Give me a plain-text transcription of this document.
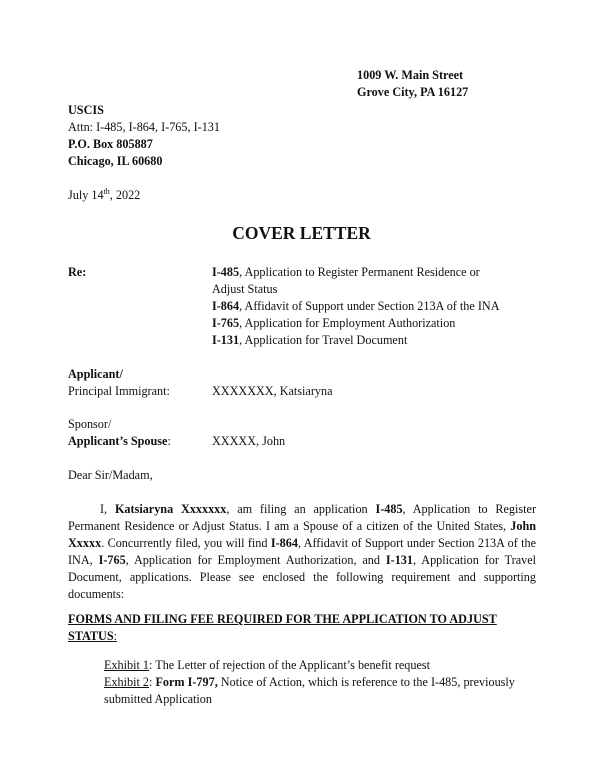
1009 W. Main Street
Grove City, PA 16127
USCIS
Attn: I-485, I-864, I-765, I-131
P.O. Box 805887
Chicago, IL 60680
July 14th, 2022
COVER LETTER
Re:	I-485, Application to Register Permanent Residence or Adjust Status
I-864, Affidavit of Support under Section 213A of the INA
I-765, Application for Employment Authorization
I-131, Application for Travel Document
Applicant/
Principal Immigrant:	XXXXXXX, Katsiaryna
Sponsor/
Applicant’s Spouse:	XXXXX, John
Dear Sir/Madam,
I, Katsiaryna Xxxxxxx, am filing an application I-485, Application to Register Permanent Residence or Adjust Status. I am a Spouse of a citizen of the United States, John Xxxxx. Concurrently filed, you will find I-864, Affidavit of Support under Section 213A of the INA, I-765, Application for Employment Authorization, and I-131, Application for Travel Document, applications. Please see enclosed the following requirement and supporting documents:
FORMS AND FILING FEE REQUIRED FOR THE APPLICATION TO ADJUST STATUS:
Exhibit 1: The Letter of rejection of the Applicant’s benefit request
Exhibit 2: Form I-797, Notice of Action, which is reference to the I-485, previously submitted Application
